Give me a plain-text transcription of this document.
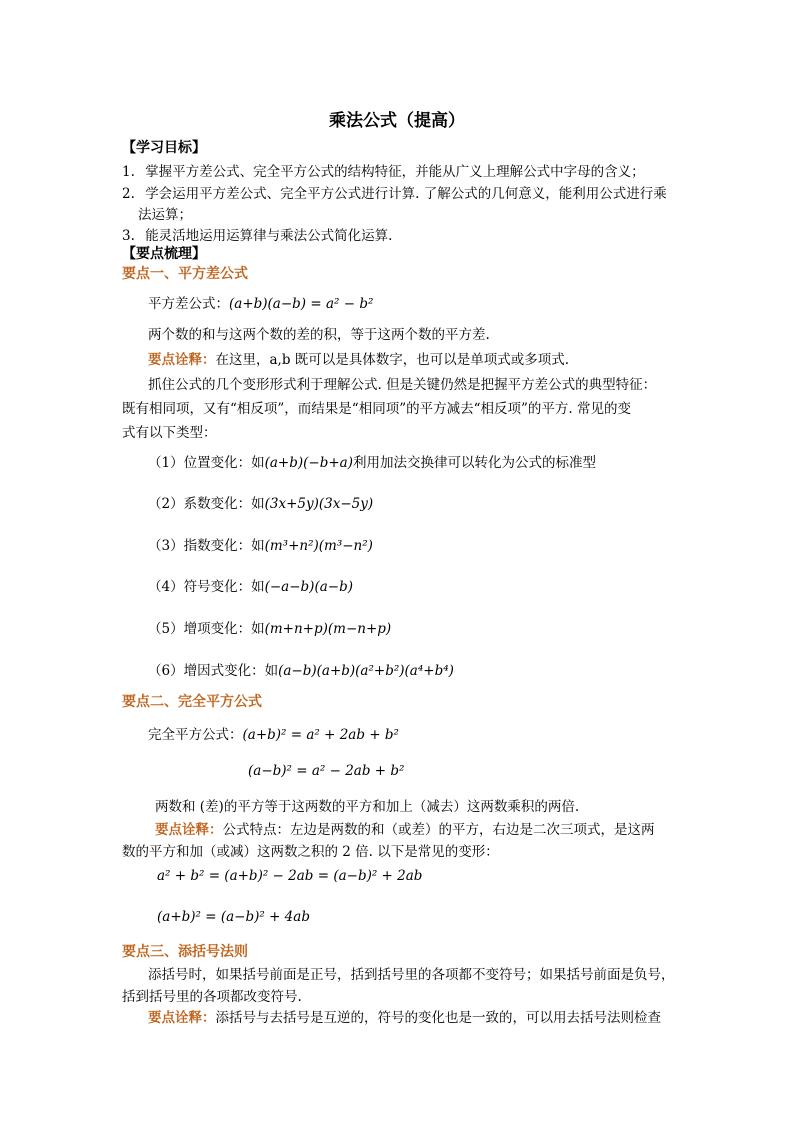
乘法公式（提高）
【学习目标】
1. 掌握平方差公式、完全平方公式的结构特征，并能从广义上理解公式中字母的含义；
2. 学会运用平方差公式、完全平方公式进行计算. 了解公式的几何意义，能利用公式进行乘
法运算；
3. 能灵活地运用运算律与乘法公式简化运算.
【要点梳理】
要点一、平方差公式
平方差公式：(a+b)(a−b) = a² − b²
两个数的和与这两个数的差的积，等于这两个数的平方差.
要点诠释：在这里，a,b 既可以是具体数字，也可以是单项式或多项式.
抓住公式的几个变形形式利于理解公式. 但是关键仍然是把握平方差公式的典型特征：
既有相同项，又有“相反项”，而结果是“相同项”的平方减去“相反项”的平方. 常见的变
式有以下类型：
（1）位置变化：如(a+b)(−b+a)利用加法交换律可以转化为公式的标准型
（2）系数变化：如(3x+5y)(3x−5y)
（3）指数变化：如(m³+n²)(m³−n²)
（4）符号变化：如(−a−b)(a−b)
（5）增项变化：如(m+n+p)(m−n+p)
（6）增因式变化：如(a−b)(a+b)(a²+b²)(a⁴+b⁴)
要点二、完全平方公式
完全平方公式：(a+b)² = a² + 2ab + b²
(a−b)² = a² − 2ab + b²
两数和 (差)的平方等于这两数的平方和加上（减去）这两数乘积的两倍.
要点诠释：公式特点：左边是两数的和（或差）的平方，右边是二次三项式，是这两
数的平方和加（或减）这两数之积的 2 倍. 以下是常见的变形：
a² + b² = (a+b)² − 2ab = (a−b)² + 2ab
(a+b)² = (a−b)² + 4ab
要点三、添括号法则
添括号时，如果括号前面是正号，括到括号里的各项都不变符号；如果括号前面是负号，
括到括号里的各项都改变符号.
要点诠释：添括号与去括号是互逆的，符号的变化也是一致的，可以用去括号法则检查
